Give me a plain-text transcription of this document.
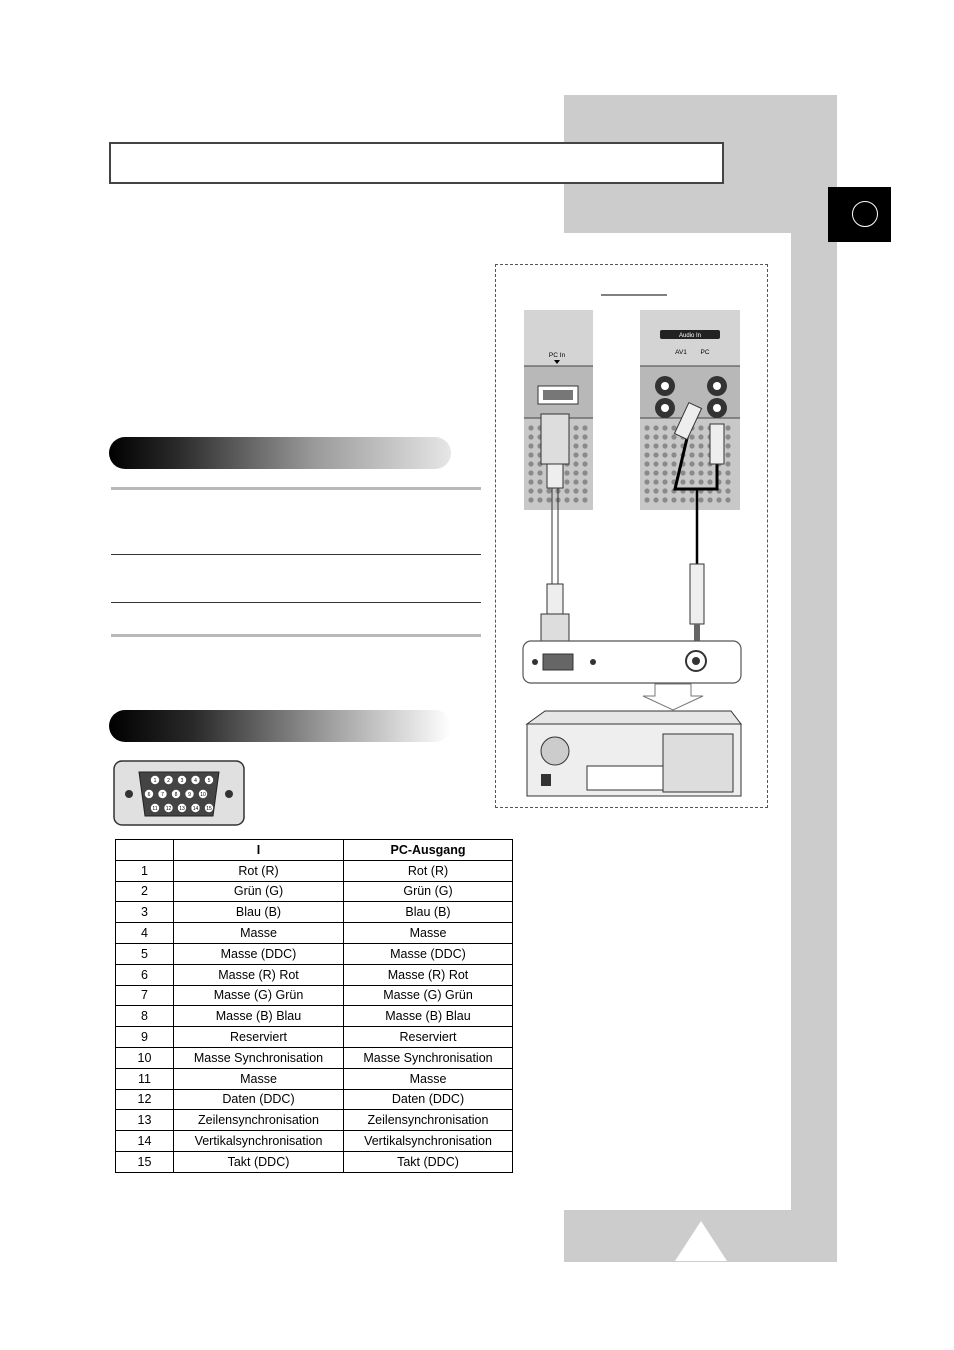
1 2 3 4 5
6 7 8 9 10
11 12 13 14 15
PC In
Audio In
AV1 PC
	I	PC-Ausgang
1	Rot (R)	Rot (R)
2	Grün (G)	Grün (G)
3	Blau (B)	Blau (B)
4	Masse	Masse
5	Masse (DDC)	Masse (DDC)
6	Masse (R) Rot	Masse (R) Rot
7	Masse (G) Grün	Masse (G) Grün
8	Masse (B) Blau	Masse (B) Blau
9	Reserviert	Reserviert
10	Masse Synchronisation	Masse Synchronisation
11	Masse	Masse
12	Daten (DDC)	Daten (DDC)
13	Zeilensynchronisation	Zeilensynchronisation
14	Vertikalsynchronisation	Vertikalsynchronisation
15	Takt (DDC)	Takt (DDC)
